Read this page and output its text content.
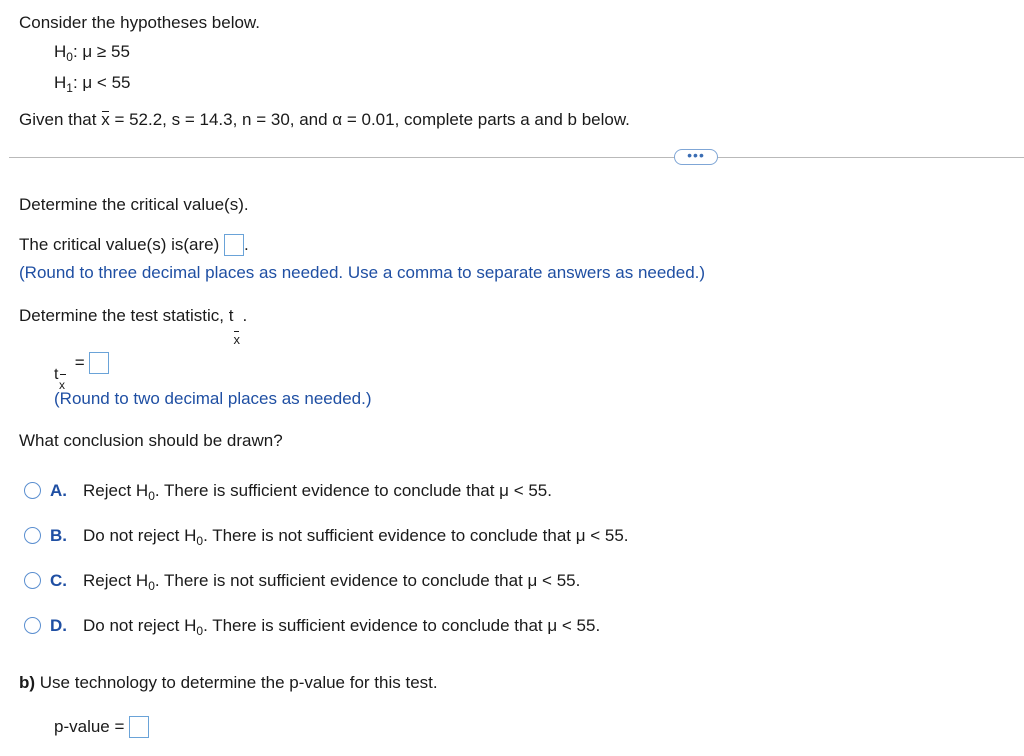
Consider the hypotheses below.
$H_0$: μ ≥ 55
$H_1$: μ < 55
Given that x = 52.2, s = 14.3, n = 30, and α = 0.01, complete parts a and b below.
•••
Determine the critical value(s).
The critical value(s) is(are) .
(Round to three decimal places as needed. Use a comma to separate answers as needed.)
Determine the test statistic, t
x
.
t
x
=
(Round to two decimal places as needed.)
What conclusion should be drawn?
A. Reject $H_0$. There is sufficient evidence to conclude that μ < 55.
B. Do not reject $H_0$. There is not sufficient evidence to conclude that μ < 55.
C. Reject $H_0$. There is not sufficient evidence to conclude that μ < 55.
D. Do not reject $H_0$. There is sufficient evidence to conclude that μ < 55.
b) Use technology to determine the p-value for this test.
p-value =
